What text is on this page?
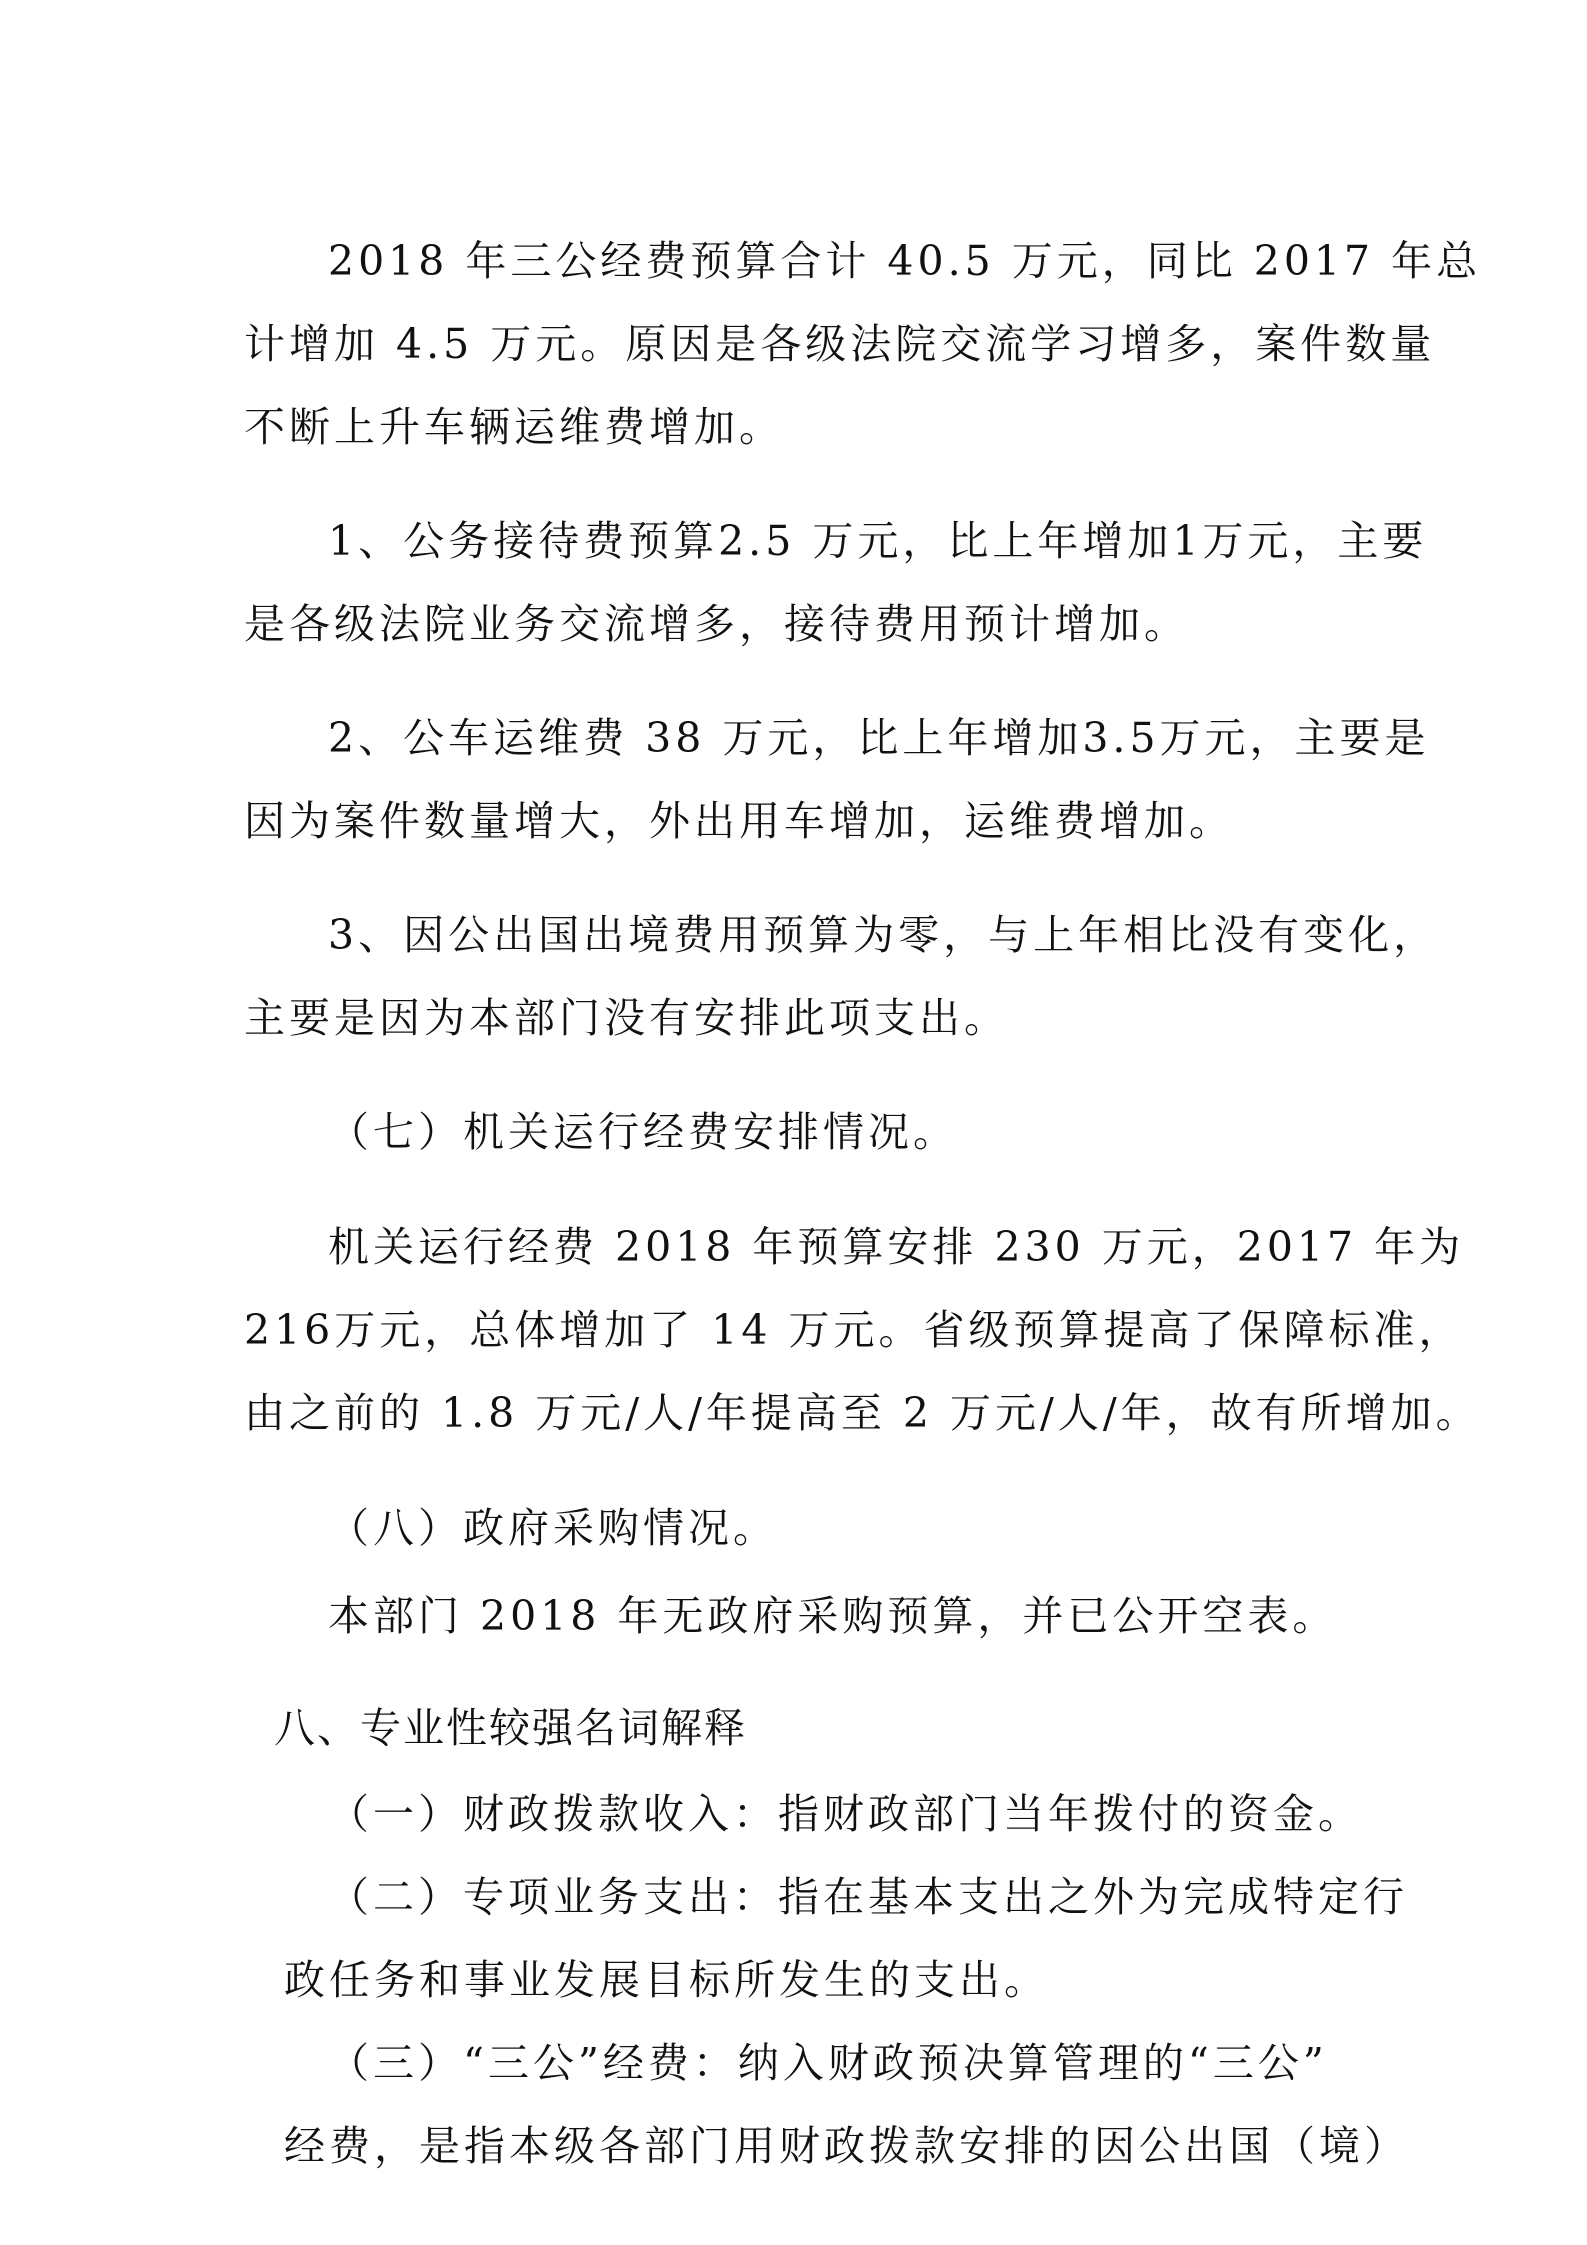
2018 年三公经费预算合计 40.5 万元，同比 2017 年总
计增加 4.5 万元。原因是各级法院交流学习增多，案件数量
不断上升车辆运维费增加。
1、公务接待费预算2.5 万元，比上年增加1万元，主要
是各级法院业务交流增多，接待费用预计增加。
2、公车运维费 38 万元，比上年增加3.5万元，主要是
因为案件数量增大，外出用车增加，运维费增加。
3、因公出国出境费用预算为零，与上年相比没有变化，
主要是因为本部门没有安排此项支出。
（七）机关运行经费安排情况。
机关运行经费 2018 年预算安排 230 万元，2017 年为
216万元，总体增加了 14 万元。省级预算提高了保障标准，
由之前的 1.8 万元/人/年提高至 2 万元/人/年，故有所增加。
（八）政府采购情况。
本部门 2018 年无政府采购预算，并已公开空表。
八、专业性较强名词解释
（一）财政拨款收入：指财政部门当年拨付的资金。
（二）专项业务支出：指在基本支出之外为完成特定行
政任务和事业发展目标所发生的支出。
（三）“三公”经费：纳入财政预决算管理的“三公”
经费，是指本级各部门用财政拨款安排的因公出国（境）
